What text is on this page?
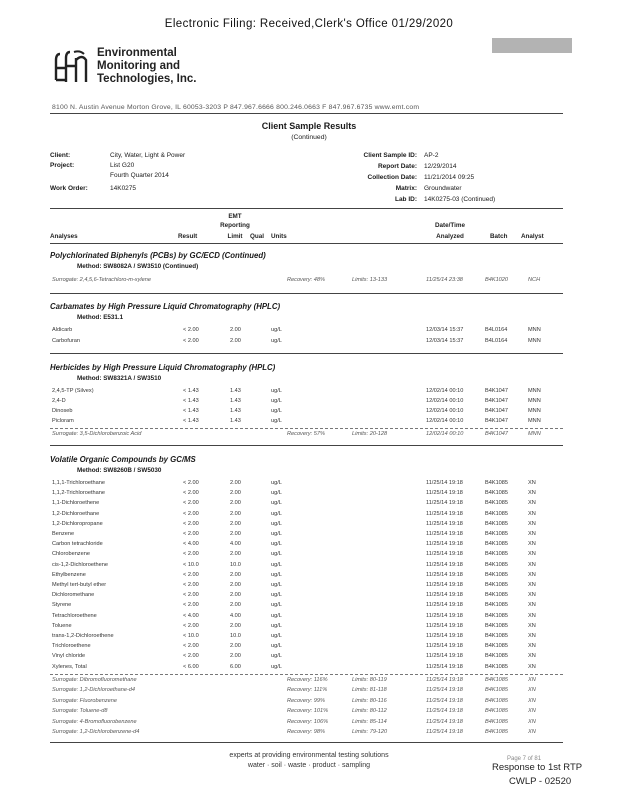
Electronic Filing: Received,Clerk's Office 01/29/2020
Environmental
Monitoring and
Technologies, Inc.
8100 N. Austin Avenue Morton Grove, IL 60053-3203 P 847.967.6666 800.246.0663 F 847.967.6735 www.emt.com
Client Sample Results
(Continued)
Client:	City, Water, Light & Power
Project:	List G20
Fourth Quarter 2014
Work Order:	14K0275
Client Sample ID: AP-2
Report Date: 12/29/2014
Collection Date: 11/21/2014 09:25
Matrix: Groundwater
Lab ID: 14K0275-03 (Continued)
EMT
Reporting	Date/Time
Analyses	Result	Limit	Qual Units	Analyzed	Batch Analyst
Polychlorinated Biphenyls (PCBs) by GC/ECD (Continued)
Method: SW8082A / SW3510 (Continued)
Surrogate: 2,4,5,6-Tetrachloro-m-xylene	Recovery: 48%	Limits: 13-133	11/25/14 23:38	B4K1020	NCH
Carbamates by High Pressure Liquid Chromatography (HPLC)
Method: E531.1
Aldicarb	< 2.00	2.00	ug/L	12/03/14 15:37	B4L0164	MNN
Carbofuran	< 2.00	2.00	ug/L	12/03/14 15:37	B4L0164	MNN
Herbicides by High Pressure Liquid Chromatography (HPLC)
Method: SW8321A / SW3510
2,4,5-TP (Silvex)	< 1.43	1.43	ug/L	12/02/14 00:10	B4K1047	MNN
2,4-D	< 1.43	1.43	ug/L	12/02/14 00:10	B4K1047	MNN
Dinoseb	< 1.43	1.43	ug/L	12/02/14 00:10	B4K1047	MNN
Picloram	< 1.43	1.43	ug/L	12/02/14 00:10	B4K1047	MNN
Surrogate: 3,5-Dichlorobenzoic Acid	Recovery: 57%	Limits: 20-128	12/02/14 00:10	B4K1047	MNN
Volatile Organic Compounds by GC/MS
Method: SW8260B / SW5030
1,1,1-Trichloroethane	< 2.00	2.00	ug/L	11/25/14 19:18	B4K1085	XN
1,1,2-Trichloroethane	< 2.00	2.00	ug/L	11/25/14 19:18	B4K1085	XN
1,1-Dichloroethene	< 2.00	2.00	ug/L	11/25/14 19:18	B4K1085	XN
1,2-Dichloroethane	< 2.00	2.00	ug/L	11/25/14 19:18	B4K1085	XN
1,2-Dichloropropane	< 2.00	2.00	ug/L	11/25/14 19:18	B4K1085	XN
Benzene	< 2.00	2.00	ug/L	11/25/14 19:18	B4K1085	XN
Carbon tetrachloride	< 4.00	4.00	ug/L	11/25/14 19:18	B4K1085	XN
Chlorobenzene	< 2.00	2.00	ug/L	11/25/14 19:18	B4K1085	XN
cis-1,2-Dichloroethene	< 10.0	10.0	ug/L	11/25/14 19:18	B4K1085	XN
Ethylbenzene	< 2.00	2.00	ug/L	11/25/14 19:18	B4K1085	XN
Methyl tert-butyl ether	< 2.00	2.00	ug/L	11/25/14 19:18	B4K1085	XN
Dichloromethane	< 2.00	2.00	ug/L	11/25/14 19:18	B4K1085	XN
Styrene	< 2.00	2.00	ug/L	11/25/14 19:18	B4K1085	XN
Tetrachloroethene	< 4.00	4.00	ug/L	11/25/14 19:18	B4K1085	XN
Toluene	< 2.00	2.00	ug/L	11/25/14 19:18	B4K1085	XN
trans-1,2-Dichloroethene	< 10.0	10.0	ug/L	11/25/14 19:18	B4K1085	XN
Trichloroethene	< 2.00	2.00	ug/L	11/25/14 19:18	B4K1085	XN
Vinyl chloride	< 2.00	2.00	ug/L	11/25/14 19:18	B4K1085	XN
Xylenes, Total	< 6.00	6.00	ug/L	11/25/14 19:18	B4K1085	XN
Surrogate: Dibromofluoromethane	Recovery: 116%	Limits: 80-119	11/25/14 19:18	B4K1085	XN
Surrogate: 1,2-Dichloroethane-d4	Recovery: 111%	Limits: 81-118	11/25/14 19:18	B4K1085	XN
Surrogate: Fluorobenzene	Recovery: 99%	Limits: 80-116	11/25/14 19:18	B4K1085	XN
Surrogate: Toluene-d8	Recovery: 101%	Limits: 80-112	11/25/14 19:18	B4K1085	XN
Surrogate: 4-Bromofluorobenzene	Recovery: 106%	Limits: 85-114	11/25/14 19:18	B4K1085	XN
Surrogate: 1,2-Dichlorobenzene-d4	Recovery: 98%	Limits: 79-120	11/25/14 19:18	B4K1085	XN
experts at providing environmental testing solutions
water · soil · waste · product · sampling
Page 7 of 81
Response to 1st RTP
CWLP - 02520
